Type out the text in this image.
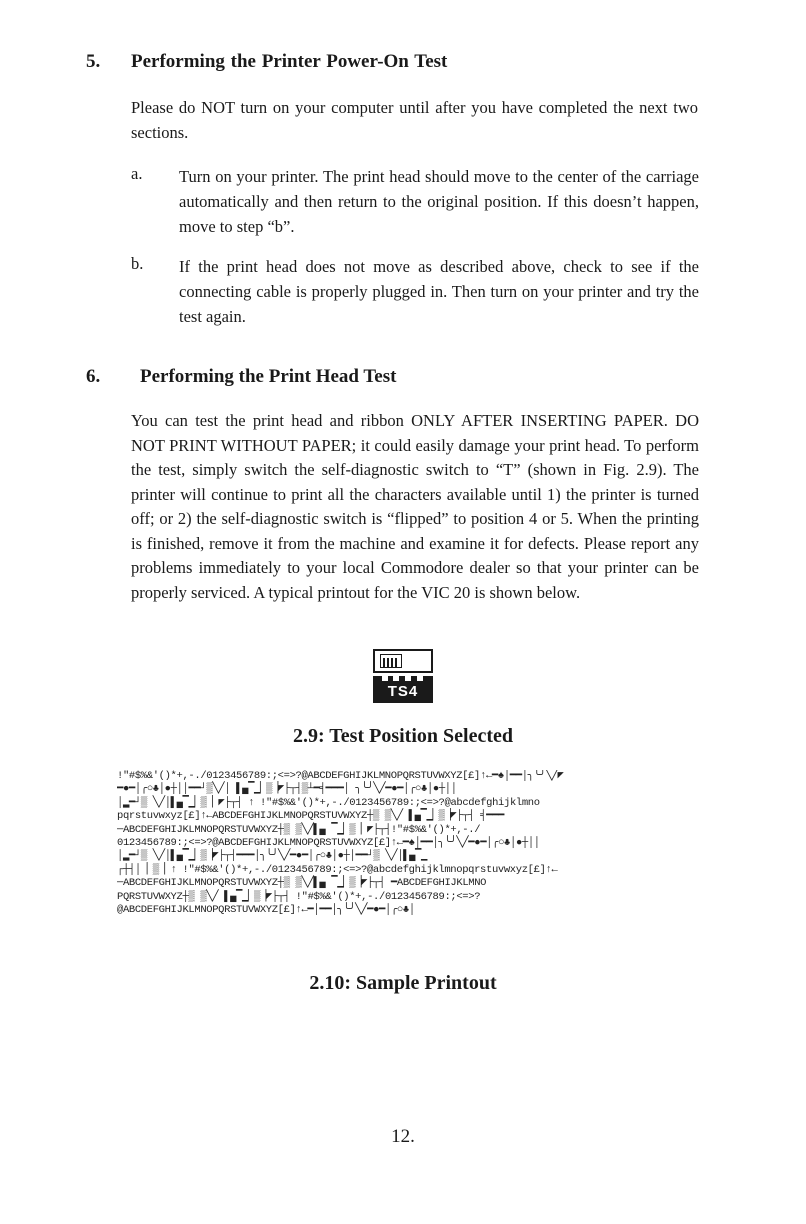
5. Performing the Printer Power-On Test
Please do NOT turn on your computer until after you have completed the next two sections.
a. Turn on your printer. The print head should move to the center of the carriage automatically and then return to the original position. If this doesn’t happen, move to step “b”.
b. If the print head does not move as described above, check to see if the connecting cable is properly plugged in. Then turn on your printer and try the test again.
6. Performing the Print Head Test
You can test the print head and ribbon ONLY AFTER INSERTING PAPER. DO NOT PRINT WITHOUT PAPER; it could easily damage your print head. To perform the test, simply switch the self-diagnostic switch to “T” (shown in Fig. 2.9). The printer will continue to print all the characters available until 1) the printer is turned off; or 2) the self-diagnostic switch is “flipped” to position 4 or 5. When the printing is finished, remove it from the machine and examine it for defects. Please report any problems immediately to your local Commodore dealer so that your printer can be properly serviced. A typical printout for the VIC 20 is shown below.
TS4
2.9: Test Position Selected
!"#$%&'()*+,-./0123456789:;<=>?@ABCDEFGHIJKLMNOPQRSTUVWXYZ[£]↑←━♠│━━│╮╰╯╲╱◤
━●━│╭○♣│●┼││━━┘▒╲╱│ ▌▄▔▁▏▒▕◤├┬┤▒┴━╡━━━│ ╮╰╯╲╱━●━│╭○♣│●┼││
│▂━┘▒ ╲╱│▌▄▔▁▏▒▕ ◤├┬┤ ↑ !"#$%&'()*+,-./0123456789:;<=>?@abcdefghijklmno
pqrstuvwxyz[£]↑←ABCDEFGHIJKLMNOPQRSTUVWXYZ┼▒ ▒╲╱ ▌▄▔▁▏▒▕◤├┬┤ ╡━━━
─ABCDEFGHIJKLMNOPQRSTUVWXYZ┼▒ ▒╲╱▌▄ ▔▁▏▒▕ ◤├┬┤!"#$%&'()*+,-./
0123456789:;<=>?@ABCDEFGHIJKLMNOPQRSTUVWXYZ[£]↑←━♠│━━│╮╰╯╲╱━●━│╭○♣│●┼││
│▂━┘▒ ╲╱│▌▄▔▁▏▒▕◤├┬┤━━━│╮╰╯╲╱━●━│╭○♣│●┼│━━┘▒ ╲╱│▌▄▔▁
┌┼┤│ ▏▒▕ ↑ !"#$%&'()*+,-./0123456789:;<=>?@abcdefghijklmnopqrstuvwxyz[£]↑←
─ABCDEFGHIJKLMNOPQRSTUVWXYZ┼▒ ▒╲╱▌▄ ▔▁▏▒▕◤├┬┤ ━ABCDEFGHIJKLMNO
PQRSTUVWXYZ┼▒ ▒╲╱ ▌▄▔▁▏▒▕◤├┬┤ !"#$%&'()*+,-./0123456789:;<=>?
@ABCDEFGHIJKLMNOPQRSTUVWXYZ[£]↑←━│━━│╮╰╯╲╱━●━│╭○♣│
2.10: Sample Printout
12.
